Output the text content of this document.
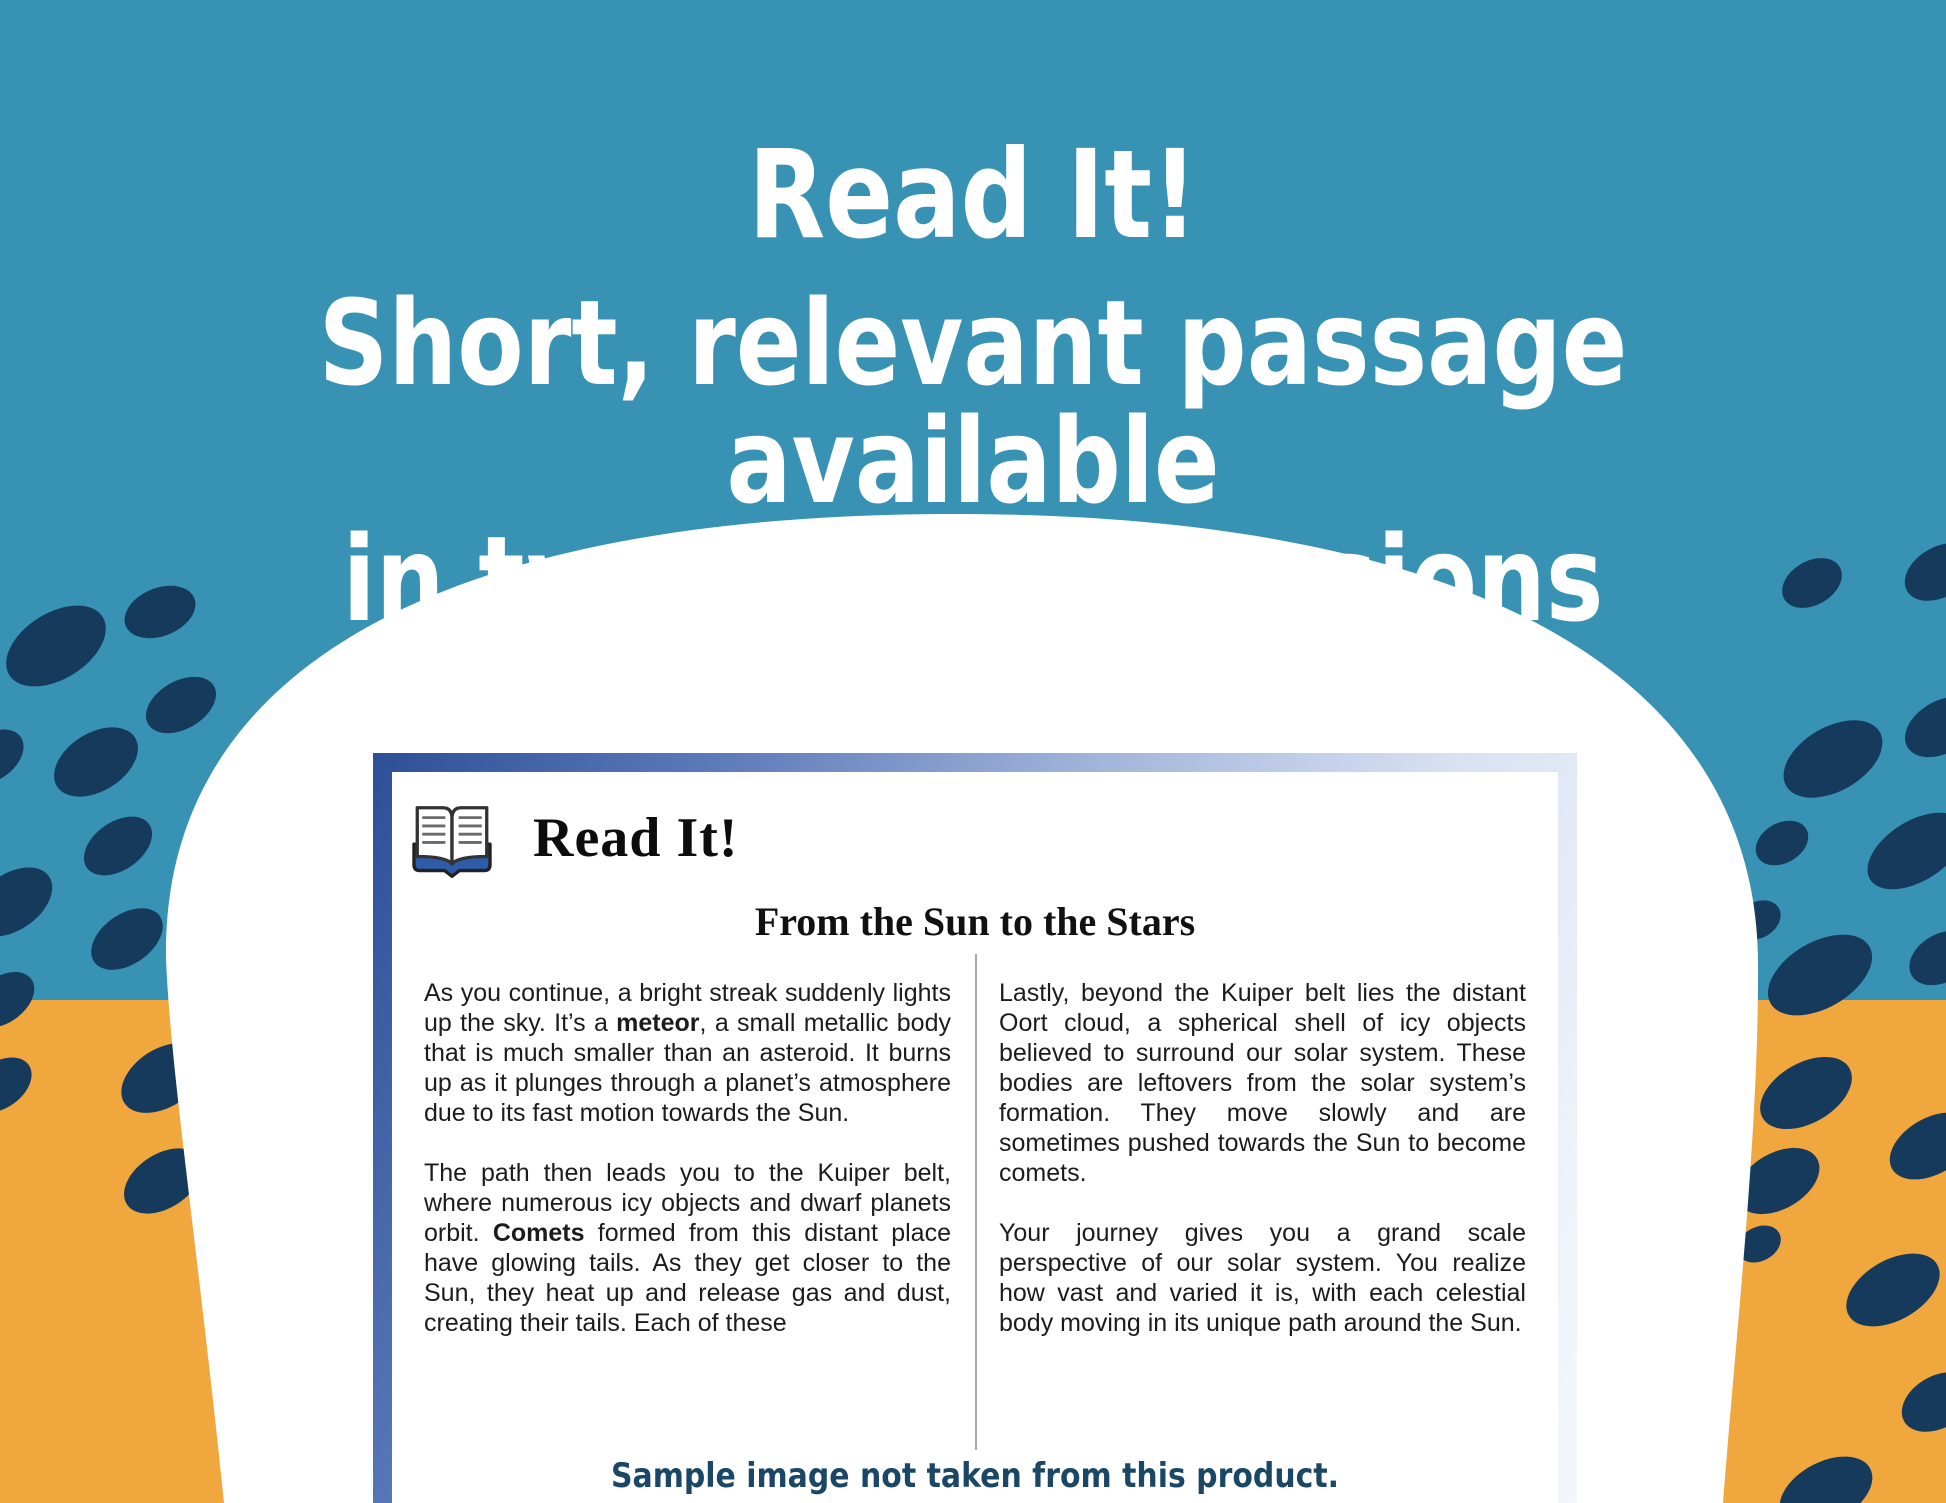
Read It!
Short, relevant passage available
in two leveled versions
Read It!
From the Sun to the Stars

As you continue, a bright streak suddenly lights up the sky. It’s a meteor, a small metallic body that is much smaller than an asteroid. It burns up as it plunges through a planet’s atmosphere due to its fast motion towards the Sun.

The path then leads you to the Kuiper belt, where numerous icy objects and dwarf planets orbit. Comets formed from this distant place have glowing tails. As they get closer to the Sun, they heat up and release gas and dust, creating their tails. Each of these

Lastly, beyond the Kuiper belt lies the distant Oort cloud, a spherical shell of icy objects believed to surround our solar system. These bodies are leftovers from the solar system’s formation. They move slowly and are sometimes pushed towards the Sun to become comets.

Your journey gives you a grand scale perspective of our solar system. You realize how vast and varied it is, with each celestial body moving in its unique path around the Sun.

Sample image not taken from this product.
